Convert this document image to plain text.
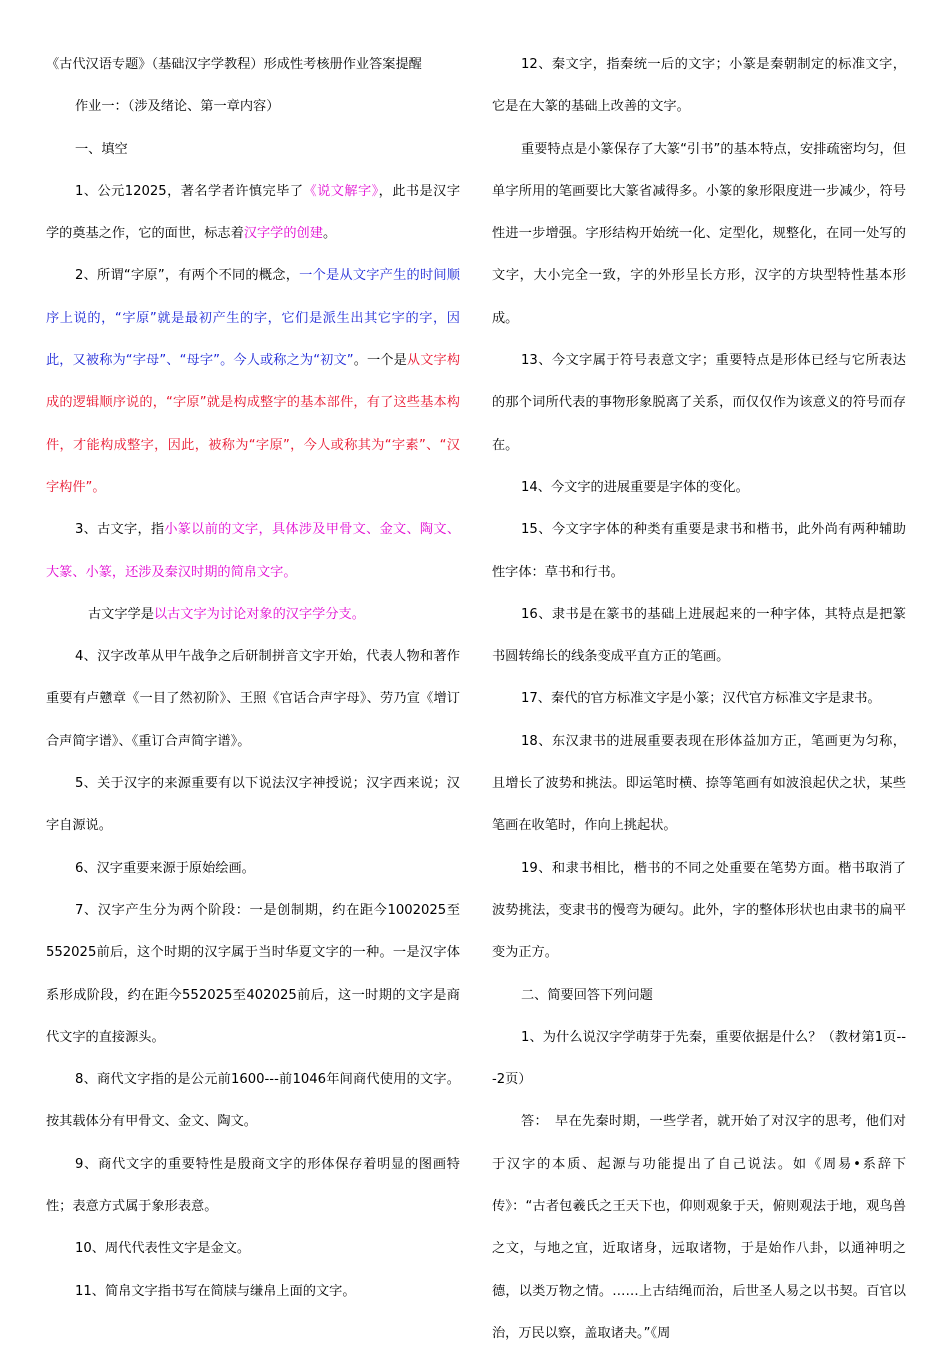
《古代汉语专题》（基础汉字学教程）形成性考核册作业答案提醒

作业一：（涉及绪论、第一章内容）

一、填空

1、公元12025，著名学者许慎完毕了《说文解字》，此书是汉字学的奠基之作，它的面世，标志着汉字学的创建。

2、所谓“字原”，有两个不同的概念，一个是从文字产生的时间顺序上说的，“字原”就是最初产生的字，它们是派生出其它字的字，因此，又被称为“字母”、“母字”。今人或称之为“初文”。一个是从文字构成的逻辑顺序说的，“字原”就是构成整字的基本部件，有了这些基本构件，才能构成整字，因此，被称为“字原”，今人或称其为“字素”、“汉字构件”。

3、古文字，指小篆以前的文字，具体涉及甲骨文、金文、陶文、大篆、小篆，还涉及秦汉时期的简帛文字。

古文字学是以古文字为讨论对象的汉字学分支。

4、汉字改革从甲午战争之后研制拼音文字开始，代表人物和著作重要有卢戆章《一目了然初阶》、王照《官话合声字母》、劳乃宣《增订合声简字谱》、《重订合声简字谱》。

5、关于汉字的来源重要有以下说法汉字神授说；汉字西来说；汉字自源说。

6、汉字重要来源于原始绘画。

7、汉字产生分为两个阶段：一是创制期，约在距今1002025至552025前后，这个时期的汉字属于当时华夏文字的一种。一是汉字体系形成阶段，约在距今552025至402025前后，这一时期的文字是商代文字的直接源头。

8、商代文字指的是公元前1600---前1046年间商代使用的文字。按其载体分有甲骨文、金文、陶文。

9、商代文字的重要特性是殷商文字的形体保存着明显的图画特性；表意方式属于象形表意。

10、周代代表性文字是金文。

11、简帛文字指书写在简牍与缣帛上面的文字。

12、秦文字，指秦统一后的文字；小篆是秦朝制定的标准文字，它是在大篆的基础上改善的文字。

重要特点是小篆保存了大篆“引书”的基本特点，安排疏密均匀，但单字所用的笔画要比大篆省减得多。小篆的象形限度进一步减少，符号性进一步增强。字形结构开始统一化、定型化，规整化，在同一处写的文字，大小完全一致，字的外形呈长方形，汉字的方块型特性基本形成。

13、今文字属于符号表意文字；重要特点是形体已经与它所表达的那个词所代表的事物形象脱离了关系，而仅仅作为该意义的符号而存在。

14、今文字的进展重要是字体的变化。

15、今文字字体的种类有重要是隶书和楷书，此外尚有两种辅助性字体：草书和行书。

16、隶书是在篆书的基础上进展起来的一种字体，其特点是把篆书圆转绵长的线条变成平直方正的笔画。

17、秦代的官方标准文字是小篆；汉代官方标准文字是隶书。

18、东汉隶书的进展重要表现在形体益加方正，笔画更为匀称，且增长了波势和挑法。即运笔时横、捺等笔画有如波浪起伏之状，某些笔画在收笔时，作向上挑起状。

19、和隶书相比，楷书的不同之处重要在笔势方面。楷书取消了波势挑法，变隶书的慢弯为硬勾。此外，字的整体形状也由隶书的扁平变为正方。

二、简要回答下列问题

1、为什么说汉字学萌芽于先秦，重要依据是什么？（教材第1页---2页）

答：　早在先秦时期，一些学者，就开始了对汉字的思考，他们对于汉字的本质、起源与功能提出了自己说法。如《周易•系辞下传》：“古者包羲氏之王天下也，仰则观象于天，俯则观法于地，观鸟兽之文，与地之宜，近取诸身，远取诸物，于是始作八卦，以通神明之德，以类万物之情。……上古结绳而治，后世圣人易之以书契。百官以治，万民以察，盖取诸夬。”《周
